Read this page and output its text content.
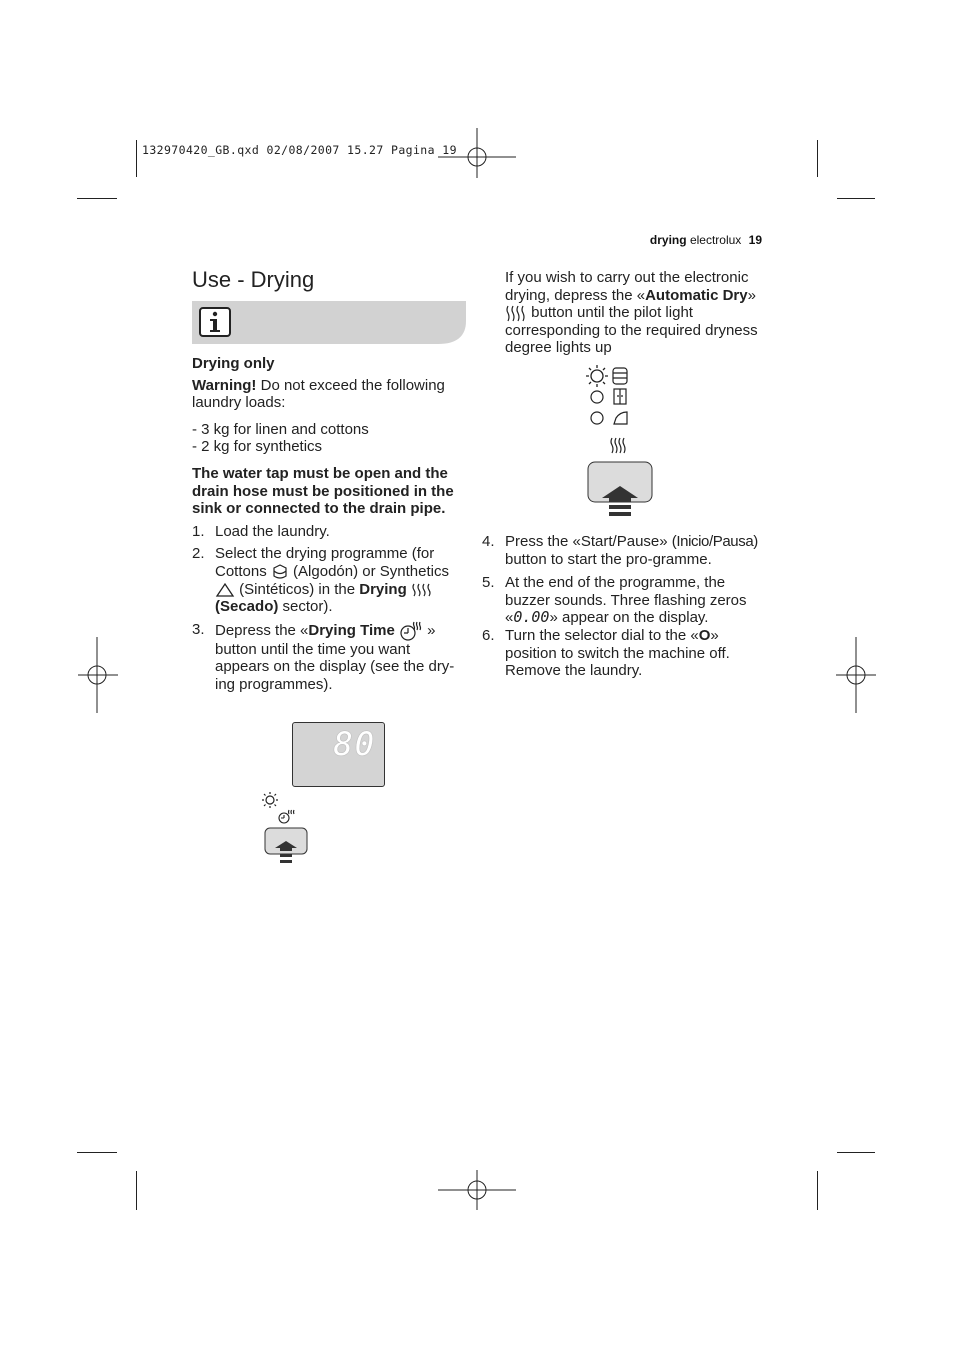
132970420_GB.qxd 02/08/2007 15.27 Pagina 19
drying electrolux 19
Use - Drying
Drying only
Warning! Do not exceed the following laundry loads:
- 3 kg for linen and cottons
- 2 kg for synthetics
The water tap must be open and the drain hose must be positioned in the sink or connected to the drain pipe.
1. Load the laundry.
2. Select the drying programme (for Cottons (Algodón) or Synthetics  (Sintéticos) in the Drying  (Secado) sector).
3. Depress the «Drying Time » button until the time you want appears on the display (see the dry-ing programmes).
80
If you wish to carry out the electronic drying, depress the «Automatic Dry»  button until the pilot light corresponding to the required dryness degree lights up
4. Press the «Start/Pause» (Inicio/Pausa) button to start the pro-gramme.
5. At the end of the programme, the buzzer sounds. Three flashing zeros «0.00» appear on the display.
6. Turn the selector dial to the «O» position to switch the machine off. Remove the laundry.
